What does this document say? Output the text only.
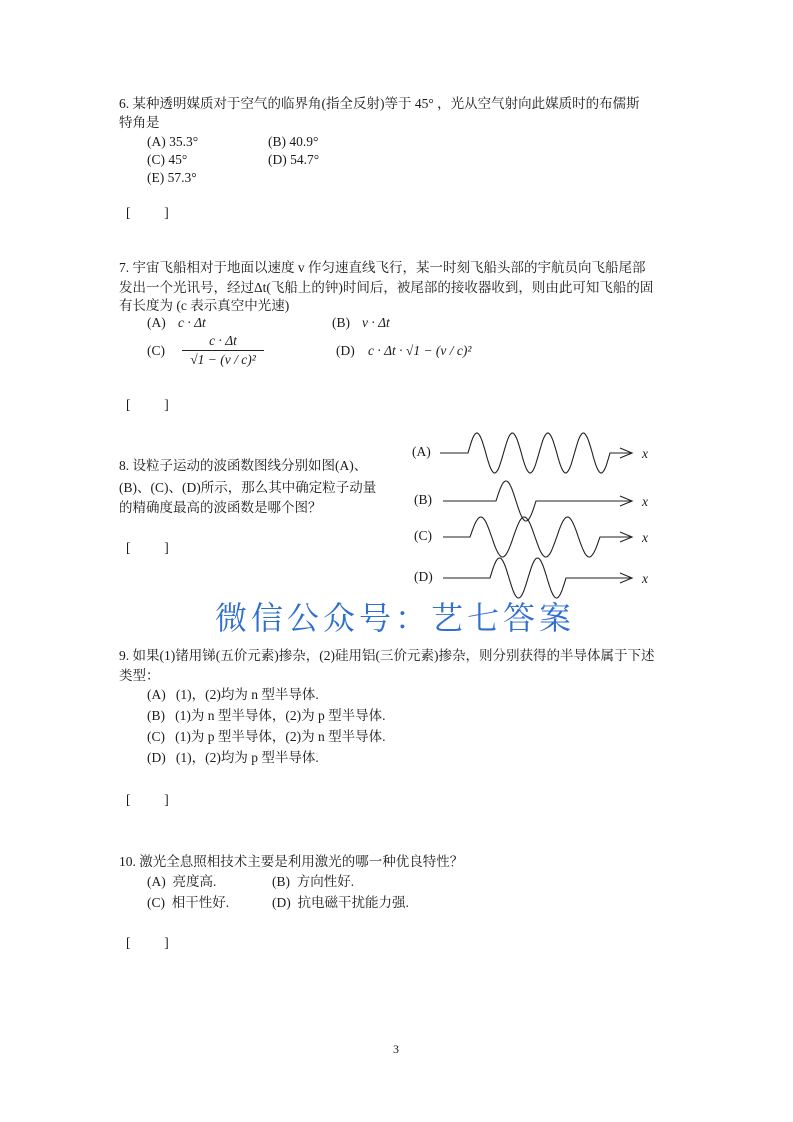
6. 某种透明媒质对于空气的临界角(指全反射)等于 45° ，光从空气射向此媒质时的布儒斯
特角是
(A) 35.3°	(B) 40.9°
(C) 45°	(D) 54.7°
(E) 57.3°
[          ]
7. 宇宙飞船相对于地面以速度 v 作匀速直线飞行，某一时刻飞船头部的宇航员向飞船尾部
发出一个光讯号，经过Δt(飞船上的钟)时间后，被尾部的接收器收到，则由此可知飞船的固
有长度为 (c 表示真空中光速)
(A) c · Δt	(B) v · Δt
$(C) \frac{c \cdot \Delta t}{\text{√1 − (v / c)²}}$	(D) c · Δt · √1 − (v / c)²
[          ]
8. 设粒子运动的波函数图线分别如图(A)、
(B)、(C)、(D)所示，那么其中确定粒子动量
的精确度最高的波函数是哪个图？
[          ]
(A)
(B)
(C)
(D)
x
x
x
x
微信公众号：艺七答案
9. 如果(1)锗用锑(五价元素)掺杂，(2)硅用铝(三价元素)掺杂，则分别获得的半导体属于下述
类型：
(A)   (1)，(2)均为 n 型半导体.
(B)   (1)为 n 型半导体，(2)为 p 型半导体.
(C)   (1)为 p 型半导体，(2)为 n 型半导体.
(D)   (1)，(2)均为 p 型半导体.
[          ]
10. 激光全息照相技术主要是利用激光的哪一种优良特性？
(A)  亮度高.	(B)  方向性好.
(C)  相干性好.	(D)  抗电磁干扰能力强.
[          ]
3
